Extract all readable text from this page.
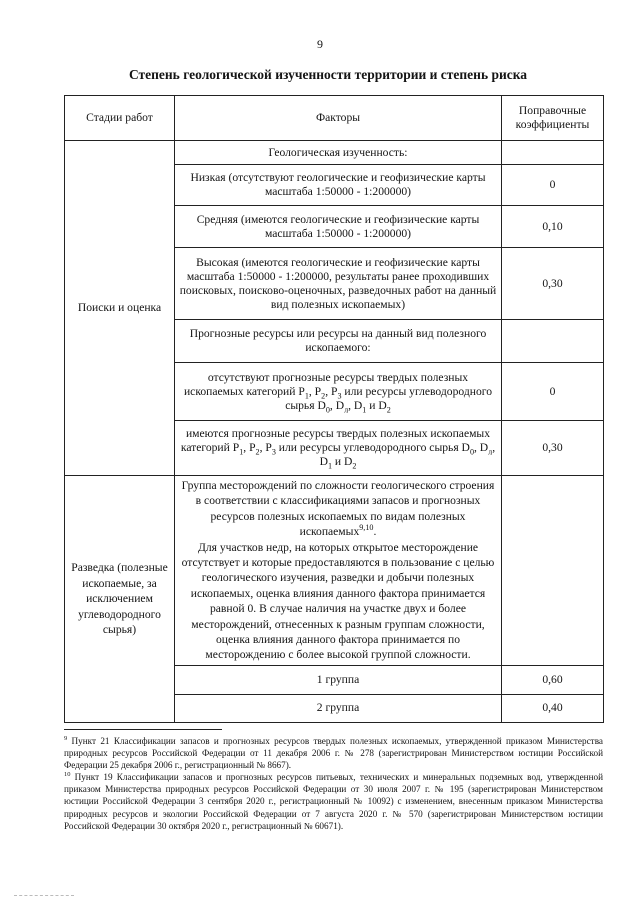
9
Степень геологической изученности территории и степень риска
Стадии работ	Факторы	Поправочные коэффициенты
Поиски и оценка	Геологическая изученность:	
	Низкая (отсутствуют геологические и геофизические карты масштаба 1:50000 - 1:200000)	0
	Средняя (имеются геологические и геофизические карты масштаба 1:50000 - 1:200000)	0,10
	Высокая (имеются геологические и геофизические карты масштаба 1:50000 - 1:200000, результаты ранее проходивших поисковых, поисково-оценочных, разведочных работ на данный вид полезных ископаемых)	0,30
	Прогнозные ресурсы или ресурсы на данный вид полезного ископаемого:	
	отсутствуют прогнозные ресурсы твердых полезных ископаемых категорий $Р_1$, $Р_2$, $Р_3$ или ресурсы углеводородного сырья $D_0$, $D_л$, $D_1$ и $D_2$	0
	имеются прогнозные ресурсы твердых полезных ископаемых категорий $Р_1$, $Р_2$, $Р_3$ или ресурсы углеводородного сырья $D_0$, $D_л$, $D_1$ и $D_2$	0,30
Разведка (полезные ископаемые, за исключением углеводородного сырья)	Группа месторождений по сложности геологического строения в соответствии с классификациями запасов и прогнозных ресурсов полезных ископаемых по видам полезных ископаемых$^{9,10}$.
Для участков недр, на которых открытое месторождение отсутствует и которые предоставляются в пользование с целью геологического изучения, разведки и добычи полезных ископаемых, оценка влияния данного фактора принимается равной 0. В случае наличия на участке двух и более месторождений, отнесенных к разным группам сложности, оценка влияния данного фактора принимается по месторождению с более высокой группой сложности.	
	1 группа	0,60
	2 группа	0,40

$^9$ Пункт 21 Классификации запасов и прогнозных ресурсов твердых полезных ископаемых, утвержденной приказом Министерства природных ресурсов Российской Федерации от 11 декабря 2006 г. № 278 (зарегистрирован Министерством юстиции Российской Федерации 25 декабря 2006 г., регистрационный № 8667).

$^{10}$ Пункт 19 Классификации запасов и прогнозных ресурсов питьевых, технических и минеральных подземных вод, утвержденной приказом Министерства природных ресурсов Российской Федерации от 30 июля 2007 г. № 195 (зарегистрирован Министерством юстиции Российской Федерации 3 сентября 2020 г., регистрационный № 10092) с изменением, внесенным приказом Министерства природных ресурсов и экологии Российской Федерации от 7 августа 2020 г. № 570 (зарегистрирован Министерством юстиции Российской Федерации 30 октября 2020 г., регистрационный № 60671).
